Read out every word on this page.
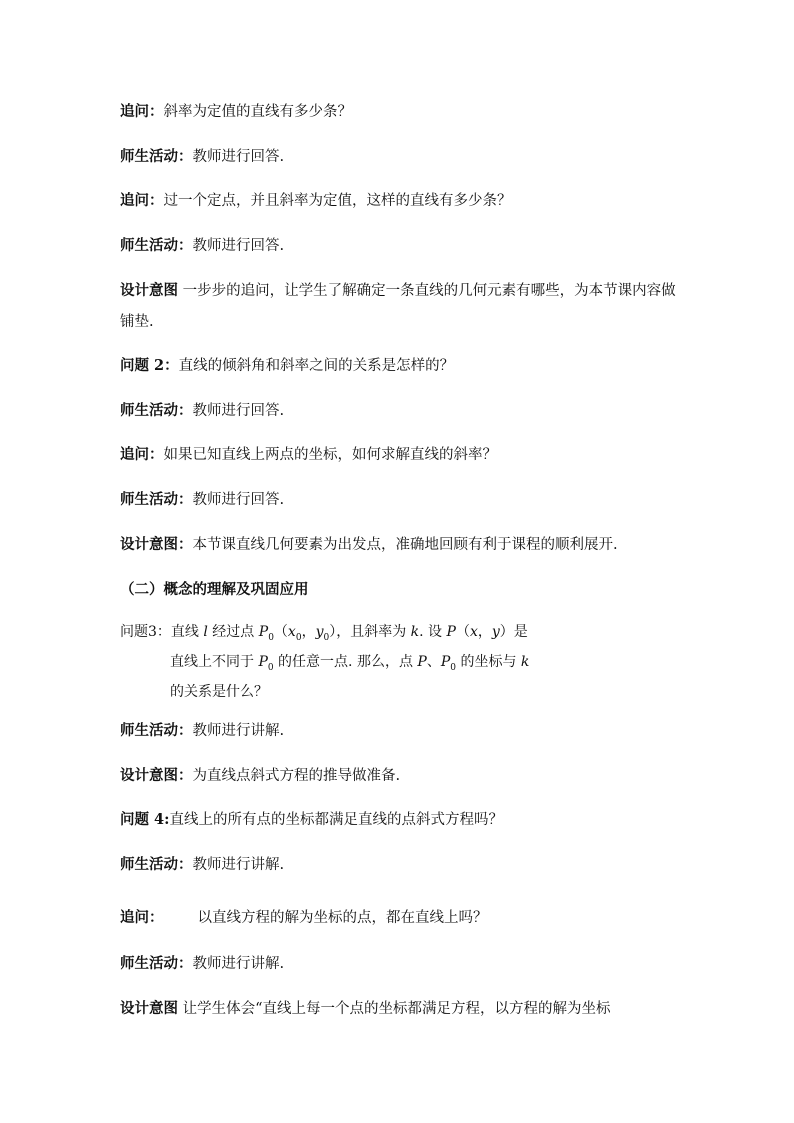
追问：斜率为定值的直线有多少条？
师生活动：教师进行回答.
追问：过一个定点，并且斜率为定值，这样的直线有多少条？
师生活动：教师进行回答.
设计意图 一步步的追问，让学生了解确定一条直线的几何元素有哪些，为本节课内容做铺垫.
问题 2：直线的倾斜角和斜率之间的关系是怎样的？
师生活动：教师进行回答.
追问：如果已知直线上两点的坐标，如何求解直线的斜率？
师生活动：教师进行回答.
设计意图：本节课直线几何要素为出发点，准确地回顾有利于课程的顺利展开.
（二）概念的理解及巩固应用
问题3：直线 l 经过点 $P_0(x_0$，$y_0$），且斜率为 k. 设 P（x，y）是
直线上不同于 $P_0$ 的任意一点. 那么，点 P、$P_0$ 的坐标与 k
的关系是什么？
师生活动：教师进行讲解.
设计意图：为直线点斜式方程的推导做准备.
问题 4:直线上的所有点的坐标都满足直线的点斜式方程吗？
师生活动：教师进行讲解.
追问： 以直线方程的解为坐标的点，都在直线上吗？
师生活动：教师进行讲解.
设计意图 让学生体会“直线上每一个点的坐标都满足方程，以方程的解为坐标
